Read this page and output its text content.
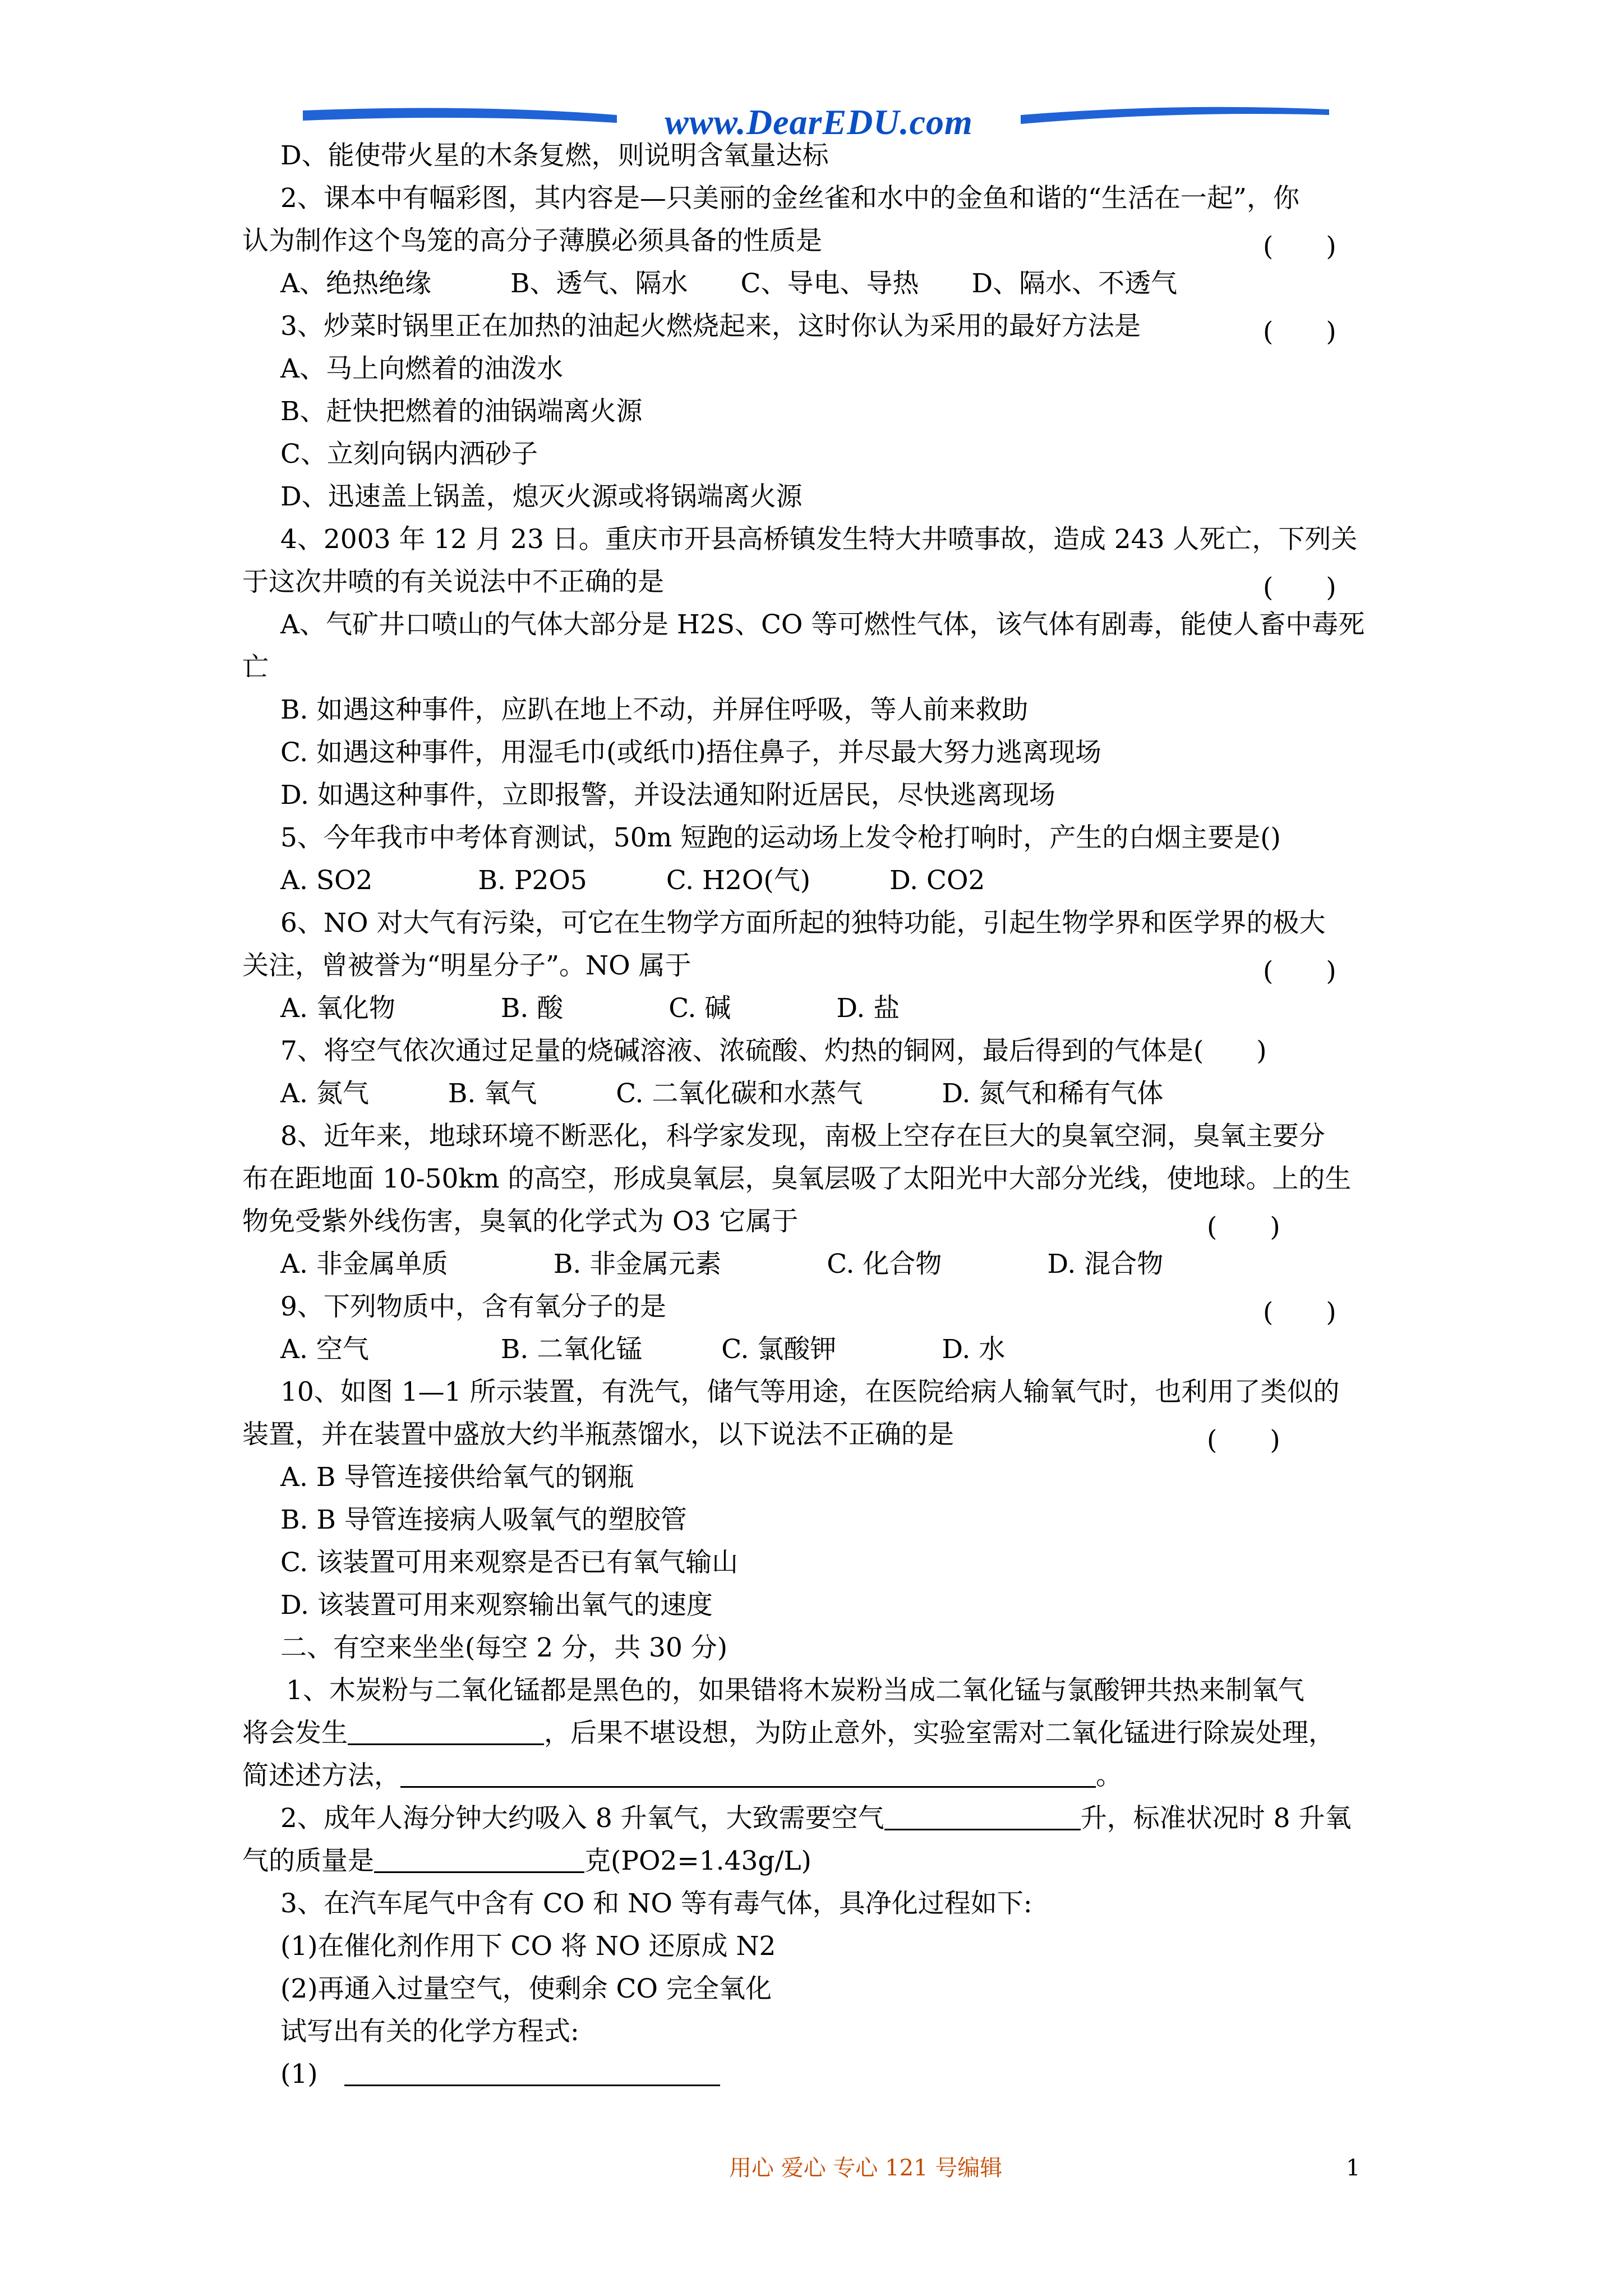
www.DearEDU.com
D、能使带火星的木条复燃，则说明含氧量达标
2、课本中有幅彩图，其内容是—只美丽的金丝雀和水中的金鱼和谐的“生活在一起”，你
认为制作这个鸟笼的高分子薄膜必须具备的性质是	(　　)
A、绝热绝缘　　　B、透气、隔水　　C、导电、导热　　D、隔水、不透气
3、炒菜时锅里正在加热的油起火燃烧起来，这时你认为采用的最好方法是	(　　)
A、马上向燃着的油泼水
B、赶快把燃着的油锅端离火源
C、立刻向锅内洒砂子
D、迅速盖上锅盖，熄灭火源或将锅端离火源
4、2003 年 12 月 23 日。重庆市开县高桥镇发生特大井喷事故，造成 243 人死亡，下列关
于这次井喷的有关说法中不正确的是	(　　)
A、气矿井口喷山的气体大部分是 H2S、CO 等可燃性气体，该气体有剧毒，能使人畜中毒死
亡
B. 如遇这种事件，应趴在地上不动，并屏住呼吸，等人前来救助
C. 如遇这种事件，用湿毛巾(或纸巾)捂住鼻子，并尽最大努力逃离现场
D. 如遇这种事件，立即报警，并设法通知附近居民，尽快逃离现场
5、今年我市中考体育测试，50m 短跑的运动场上发令枪打响时，产生的白烟主要是()
A. SO2　　　　B. P2O5　　　C. H2O(气)　　　D. CO2
6、NO 对大气有污染，可它在生物学方面所起的独特功能，引起生物学界和医学界的极大
关注，曾被誉为“明星分子”。NO 属于	(　　)
A. 氧化物　　　　B. 酸　　　　C. 碱　　　　D. 盐
7、将空气依次通过足量的烧碱溶液、浓硫酸、灼热的铜网，最后得到的气体是(　　)
A. 氮气　　　B. 氧气　　　C. 二氧化碳和水蒸气　　　D. 氮气和稀有气体
8、近年来，地球环境不断恶化，科学家发现，南极上空存在巨大的臭氧空洞，臭氧主要分
布在距地面 10-50km 的高空，形成臭氧层，臭氧层吸了太阳光中大部分光线，使地球。上的生
物免受紫外线伤害，臭氧的化学式为 O3 它属于	(　　)
A. 非金属单质　　　　B. 非金属元素　　　　C. 化合物　　　　D. 混合物
9、下列物质中，含有氧分子的是	(　　)
A. 空气　　　　　B. 二氧化锰　　　C. 氯酸钾　　　　D. 水
10、如图 1—1 所示装置，有洗气，储气等用途，在医院给病人输氧气时，也利用了类似的
装置，并在装置中盛放大约半瓶蒸馏水，以下说法不正确的是	(　　)
A. B 导管连接供给氧气的钢瓶
B. B 导管连接病人吸氧气的塑胶管
C. 该装置可用来观察是否已有氧气输山
D. 该装置可用来观察输出氧气的速度
二、有空来坐坐(每空 2 分，共 30 分)
1、木炭粉与二氧化锰都是黑色的，如果错将木炭粉当成二氧化锰与氯酸钾共热来制氧气
将会发生	，后果不堪设想，为防止意外，实验室需对二氧化锰进行除炭处理，
简述述方法，	。
2、成年人海分钟大约吸入 8 升氧气，大致需要空气	升，标准状况时 8 升氧
气的质量是	克(PO2=1.43g/L)
3、在汽车尾气中含有 CO 和 NO 等有毒气体，具净化过程如下:
(1)在催化剂作用下 CO 将 NO 还原成 N2
(2)再通入过量空气，使剩余 CO 完全氧化
试写出有关的化学方程式:
(1)　
用心 爱心 专心 121 号编辑	1
